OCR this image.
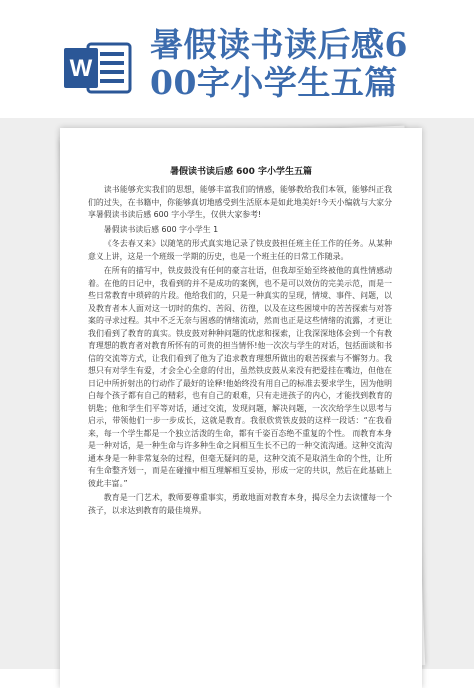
W
暑假读书读后感6
00字小学生五篇
暑假读书读后感 600 字小学生五篇

读书能够充实我们的思想，能够丰富我们的情感，能够教给我们本领，能够纠正我们的过失，在书籍中，你能够真切地感受到生活原本是如此地美好!今天小编就与大家分享暑假读书读后感 600 字小学生，仅供大家参考!

暑假读书读后感 600 字小学生 1

《冬去春又来》以随笔的形式真实地记录了铁皮鼓担任班主任工作的任务。从某种意义上讲，这是一个班级一学期的历史，也是一个班主任的日常工作随录。

在所有的描写中，铁皮鼓没有任何的豪言壮语，但我却至始至终被他的真性情感动着。在他的日记中，我看到的并不是成功的案例，也不是可以效仿的完美示范，而是一些日常教育中琐碎的片段。他给我们的，只是一种真实的呈现，情境、事件、问题，以及教育者本人面对这一切时的焦灼、苦闷、彷徨，以及在这些困境中的苦苦探索与对答案的寻求过程。其中不乏无奈与困惑的情绪流动，然而也正是这些情绪的流露，才更让我们看到了教育的真实。铁皮鼓对种种问题的忧虑和探索，让我深深地体会到一个有教育理想的教育者对教育所怀有的可贵的担当情怀!他一次次与学生的对话，包括面谈和书信的交流等方式，让我们看到了他为了追求教育理想所做出的艰苦探索与不懈努力。我想只有对学生有爱，才会全心全意的付出，虽然铁皮鼓从来没有把爱挂在嘴边，但他在日记中所折射出的行动作了最好的诠释!他始终没有用自己的标准去要求学生，因为他明白每个孩子都有自己的精彩，也有自己的艰难，只有走进孩子的内心，才能找到教育的钥匙；他和学生们平等对话，通过交流，发现问题，解决问题，一次次给学生以思考与启示，带领他们一步一步成长，这就是教育。我很欣赏铁皮鼓的这样一段话：“在我看来，每一个学生都是一个独立活泼的生命，都有千姿百态绝不重复的个性。 而教育本身是一种对话，是一种生命与许多种生命之间相互生长不已的一种交流沟通。这种交流沟通本身是一种非常复杂的过程，但毫无疑问的是，这种交流不是取消生命的个性，让所有生命整齐划一，而是在碰撞中相互理解相互妥协，形成一定的共识，然后在此基础上彼此丰富。”

教育是一门艺术，教师要尊重事实，勇敢地面对教育本身，揭尽全力去读懂每一个孩子，以求达到教育的最佳境界。
